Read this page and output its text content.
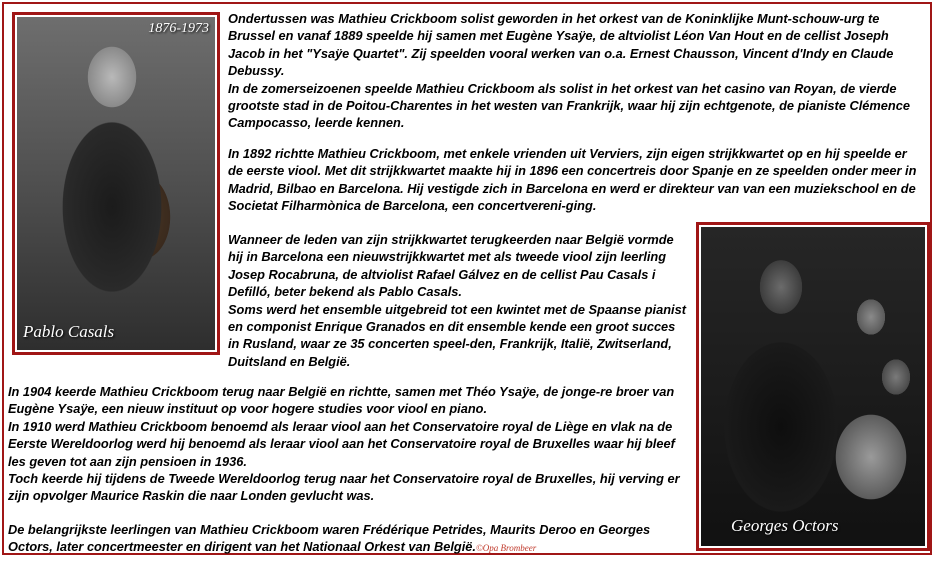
1876-1973
Pablo Casals

Ondertussen was Mathieu Crickboom solist geworden in het orkest van de Koninklijke Munt-schouw-urg te Brussel en vanaf 1889 speelde hij samen met Eugène Ysaÿe, de altviolist Léon Van Hout en de cellist Joseph Jacob in het "Ysaÿe Quartet". Zij speelden vooral werken van o.a. Ernest Chausson, Vincent d'Indy en Claude Debussy.
In de zomerseizoenen speelde Mathieu Crickboom als solist in het orkest van het casino van Royan, de vierde grootste stad in de Poitou-Charentes in het westen van Frankrijk, waar hij zijn echtgenote, de pianiste Clémence Campocasso, leerde kennen.

In 1892 richtte Mathieu Crickboom, met enkele vrienden uit Verviers, zijn eigen strijkkwartet op en hij speelde er de eerste viool. Met dit strijkkwartet maakte hij in 1896 een concertreis door Spanje en ze speelden onder meer in Madrid, Bilbao en Barcelona. Hij vestigde zich in Barcelona en werd er direkteur van van een muziekschool en de Societat Filharmònica de Barcelona, een concertvereni-ging.

Wanneer de leden van zijn strijkkwartet terugkeerden naar België vormde hij in Barcelona een nieuwstrijkkwartet met als tweede viool zijn leerling Josep Rocabruna, de altviolist Rafael Gálvez en de cellist Pau Casals i Defilló, beter bekend als Pablo Casals.
Soms werd het ensemble uitgebreid tot een kwintet met de Spaanse pianist en componist Enrique Granados en dit ensemble kende een groot succes in Rusland, waar ze 35 concerten speel-den, Frankrijk, Italië, Zwitserland, Duitsland en België.

In 1904 keerde Mathieu Crickboom terug naar België en richtte, samen met Théo Ysaÿe, de jonge-re broer van Eugène Ysaÿe, een nieuw instituut op voor hogere studies voor viool en piano.
In 1910 werd Mathieu Crickboom benoemd als leraar viool aan het Conservatoire royal de Liège en vlak na de Eerste Wereldoorlog werd hij benoemd als leraar viool aan het Conservatoire royal de Bruxelles waar hij bleef les geven tot aan zijn pensioen in 1936.
Toch keerde hij tijdens de Tweede Wereldoorlog terug naar het Conservatoire royal de Bruxelles, hij verving er zijn opvolger Maurice Raskin die naar Londen gevlucht was.

De belangrijkste leerlingen van Mathieu Crickboom waren Frédérique Petrides, Maurits Deroo en Georges Octors, later concertmeester en dirigent van het Nationaal Orkest van België.©Opa Brombeer

Georges Octors
